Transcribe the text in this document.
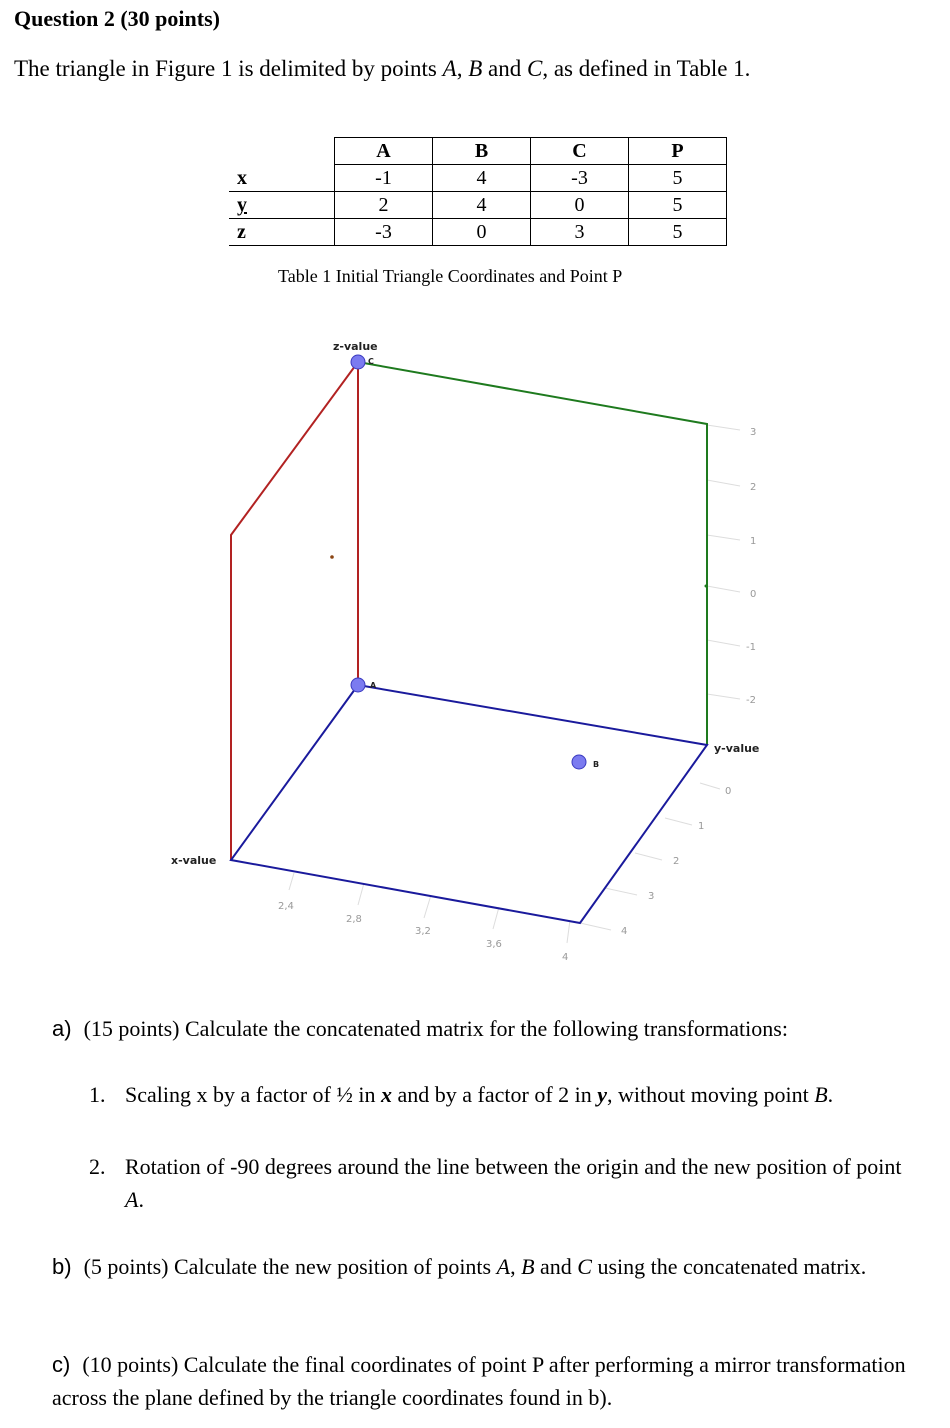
Question 2 (30 points)
The triangle in Figure 1 is delimited by points A, B and C, as defined in Table 1.
	A	B	C	P
x	-1	4	-3	5
y	2	4	0	5
z	-3	0	3	5
Table 1 Initial Triangle Coordinates and Point P
z-value
y-value
x-value
C
A
B
3
2
1
0
-1
-2
0
1
2
3
4
2,4
2,8
3,2
3,6
4
a) (15 points) Calculate the concatenated matrix for the following transformations:
1. Scaling x by a factor of ½ in x and by a factor of 2 in y, without moving point B.
2. Rotation of -90 degrees around the line between the origin and the new position of point A.
b) (5 points) Calculate the new position of points A, B and C using the concatenated matrix.
c) (10 points) Calculate the final coordinates of point P after performing a mirror transformation across the plane defined by the triangle coordinates found in b).
